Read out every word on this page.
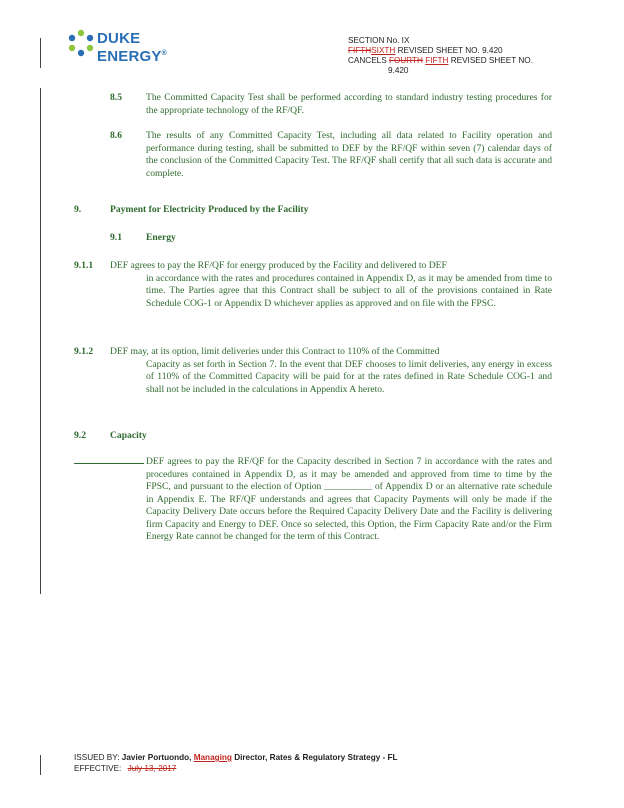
DUKE
ENERGY®
SECTION No. IX
FIFTHSIXTH REVISED SHEET NO. 9.420
CANCELS FOURTH FIFTH REVISED SHEET NO.
9.420
8.5	The Committed Capacity Test shall be performed according to standard industry testing procedures for the appropriate technology of the RF/QF.
8.6	The results of any Committed Capacity Test, including all data related to Facility operation and performance during testing, shall be submitted to DEF by the RF/QF within seven (7) calendar days of the conclusion of the Committed Capacity Test. The RF/QF shall certify that all such data is accurate and complete.
9.	Payment for Electricity Produced by the Facility
9.1	Energy
9.1.1 DEF agrees to pay the RF/QF for energy produced by the Facility and delivered to DEF
in accordance with the rates and procedures contained in Appendix D, as it may be amended from time to time. The Parties agree that this Contract shall be subject to all of the provisions contained in Rate Schedule COG-1 or Appendix D whichever applies as approved and on file with the FPSC.
9.1.2 DEF may, at its option, limit deliveries under this Contract to 110% of the Committed
Capacity as set forth in Section 7. In the event that DEF chooses to limit deliveries, any energy in excess of 110% of the Committed Capacity will be paid for at the rates defined in Rate Schedule COG-1 and shall not be included in the calculations in Appendix A hereto.
9.2	Capacity
DEF agrees to pay the RF/QF for the Capacity described in Section 7 in accordance with the rates and procedures contained in Appendix D, as it may be amended and approved from time to time by the FPSC, and pursuant to the election of Option __________ of Appendix D or an alternative rate schedule in Appendix E. The RF/QF understands and agrees that Capacity Payments will only be made if the Capacity Delivery Date occurs before the Required Capacity Delivery Date and the Facility is delivering firm Capacity and Energy to DEF. Once so selected, this Option, the Firm Capacity Rate and/or the Firm Energy Rate cannot be changed for the term of this Contract.
ISSUED BY: Javier Portuondo, Managing Director, Rates & Regulatory Strategy - FL
EFFECTIVE: July 13, 2017
